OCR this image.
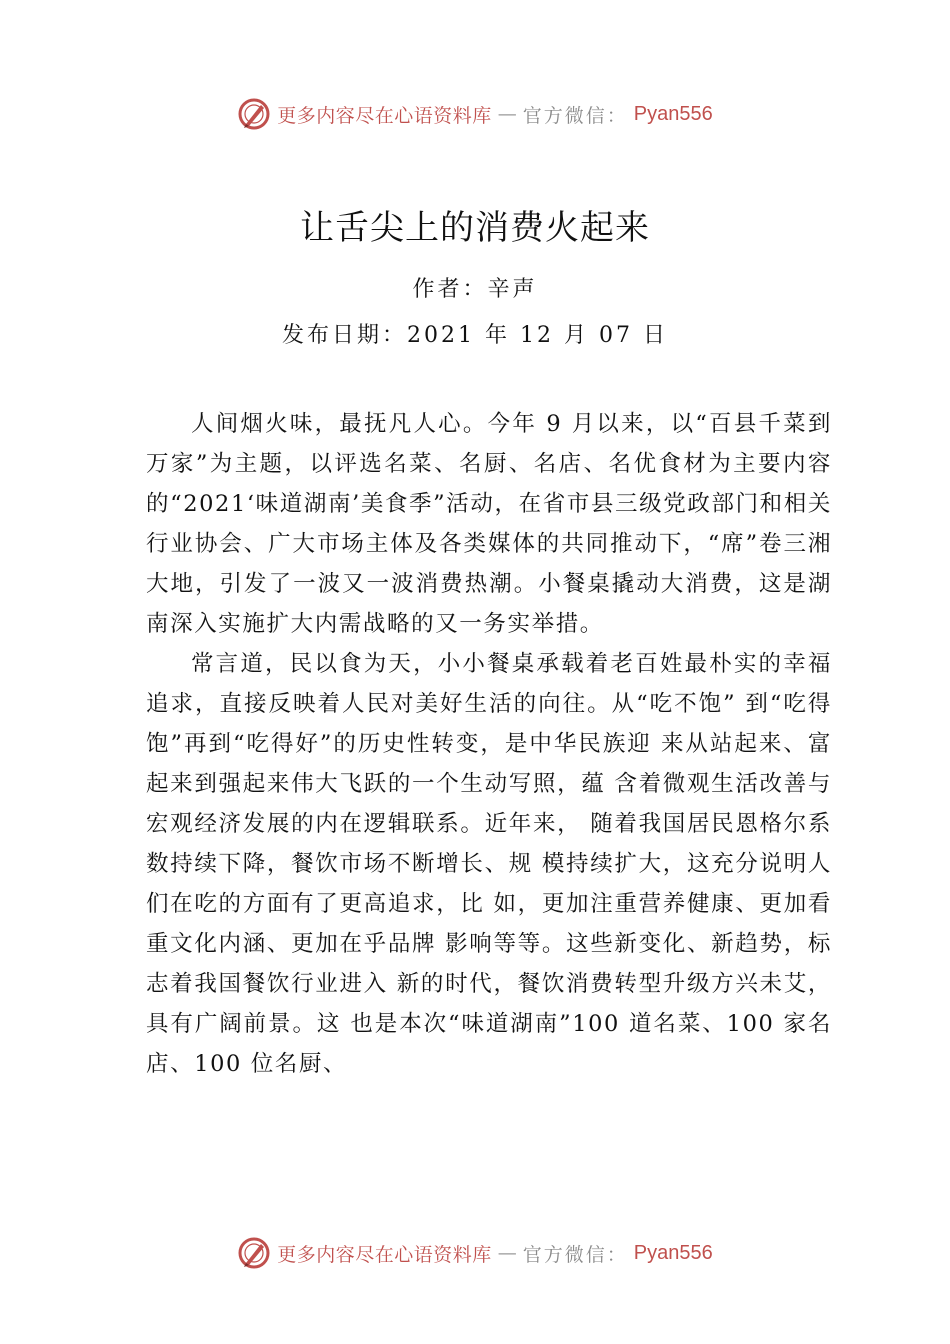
更多内容尽在心语资料库 — 官方微信： Pyan556
让舌尖上的消费火起来
作者：辛声
发布日期：2021 年 12 月 07 日

人间烟火味，最抚凡人心。今年 9 月以来，以“百县千菜到万家”为主题，以评选名菜、名厨、名店、名优食材为主要内容的“2021‘味道湖南’美食季”活动，在省市县三级党政部门和相关行业协会、广大市场主体及各类媒体的共同推动下，“席”卷三湘大地，引发了一波又一波消费热潮。小餐桌撬动大消费，这是湖南深入实施扩大内需战略的又一务实举措。

常言道，民以食为天，小小餐桌承载着老百姓最朴实的幸福追求，直接反映着人民对美好生活的向往。从“吃不饱” 到“吃得饱”再到“吃得好”的历史性转变，是中华民族迎 来从站起来、富起来到强起来伟大飞跃的一个生动写照，蕴 含着微观生活改善与宏观经济发展的内在逻辑联系。近年来， 随着我国居民恩格尔系数持续下降，餐饮市场不断增长、规 模持续扩大，这充分说明人们在吃的方面有了更高追求，比 如，更加注重营养健康、更加看重文化内涵、更加在乎品牌 影响等等。这些新变化、新趋势，标志着我国餐饮行业进入 新的时代，餐饮消费转型升级方兴未艾，具有广阔前景。这 也是本次“味道湖南”100 道名菜、100 家名店、100 位名厨、

更多内容尽在心语资料库 — 官方微信： Pyan556
